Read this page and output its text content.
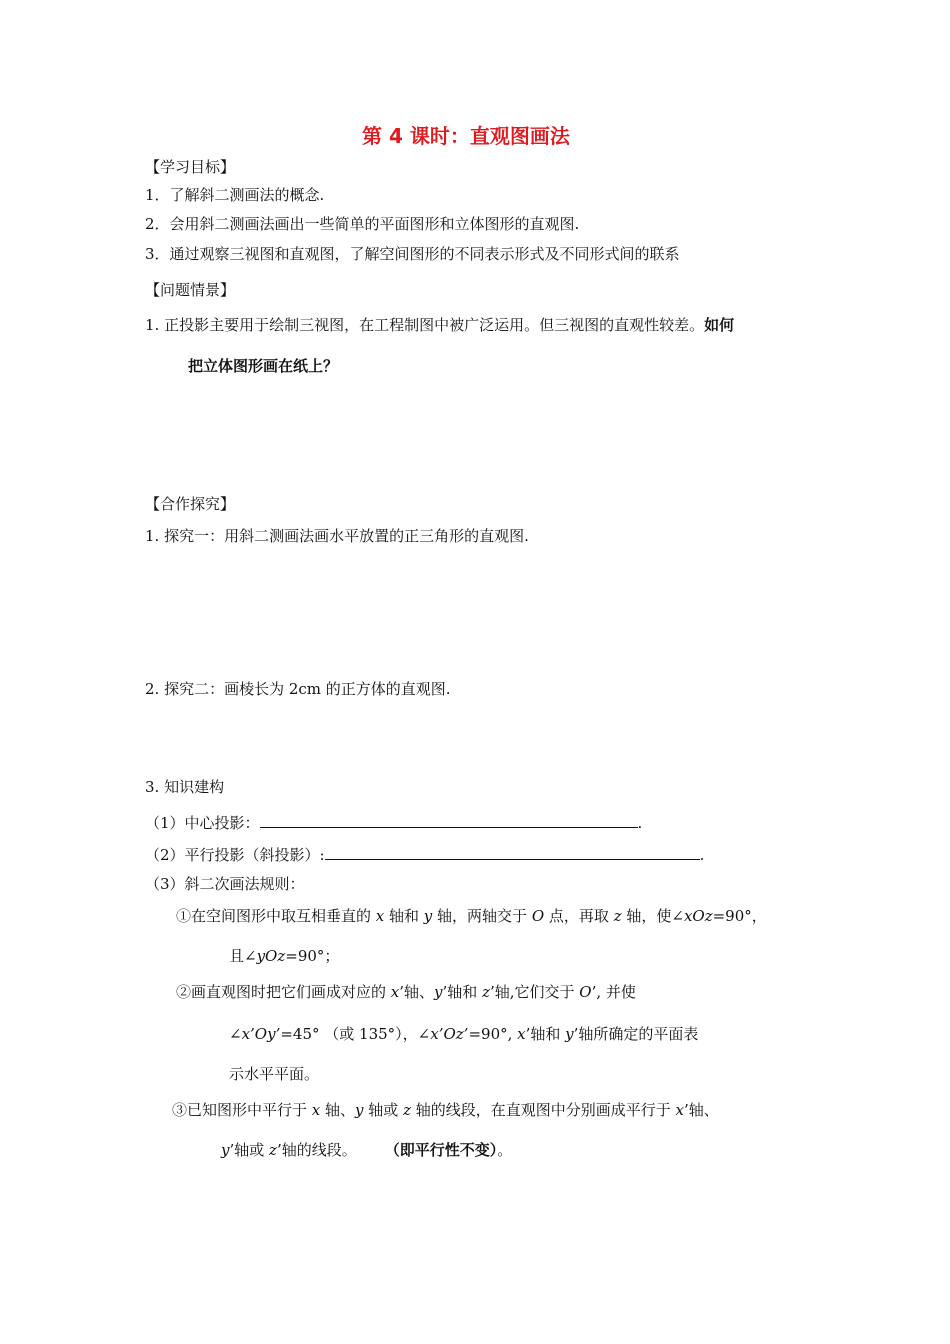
第 4 课时：直观图画法
【学习目标】
1．了解斜二测画法的概念.
2．会用斜二测画法画出一些简单的平面图形和立体图形的直观图.
3．通过观察三视图和直观图，了解空间图形的不同表示形式及不同形式间的联系
【问题情景】
1. 正投影主要用于绘制三视图，在工程制图中被广泛运用。但三视图的直观性较差。如何
把立体图形画在纸上？
【合作探究】
1. 探究一：用斜二测画法画水平放置的正三角形的直观图.
2. 探究二：画棱长为 2cm 的正方体的直观图.
3. 知识建构
（1）中心投影：	.
（2）平行投影（斜投影）:	.
（3）斜二次画法规则：
①在空间图形中取互相垂直的 x 轴和 y 轴，两轴交于 O 点，再取 z 轴，使∠xOz=90°，
且∠yOz=90°；
②画直观图时把它们画成对应的 x’轴、y’轴和 z’轴,它们交于 O’, 并使
∠x’Oy’=45° （或 135°），∠x’Oz’=90°, x’轴和 y’轴所确定的平面表
示水平平面。
③已知图形中平行于 x 轴、y 轴或 z 轴的线段，在直观图中分别画成平行于 x’轴、
y’轴或 z’轴的线段。 （即平行性不变）。
